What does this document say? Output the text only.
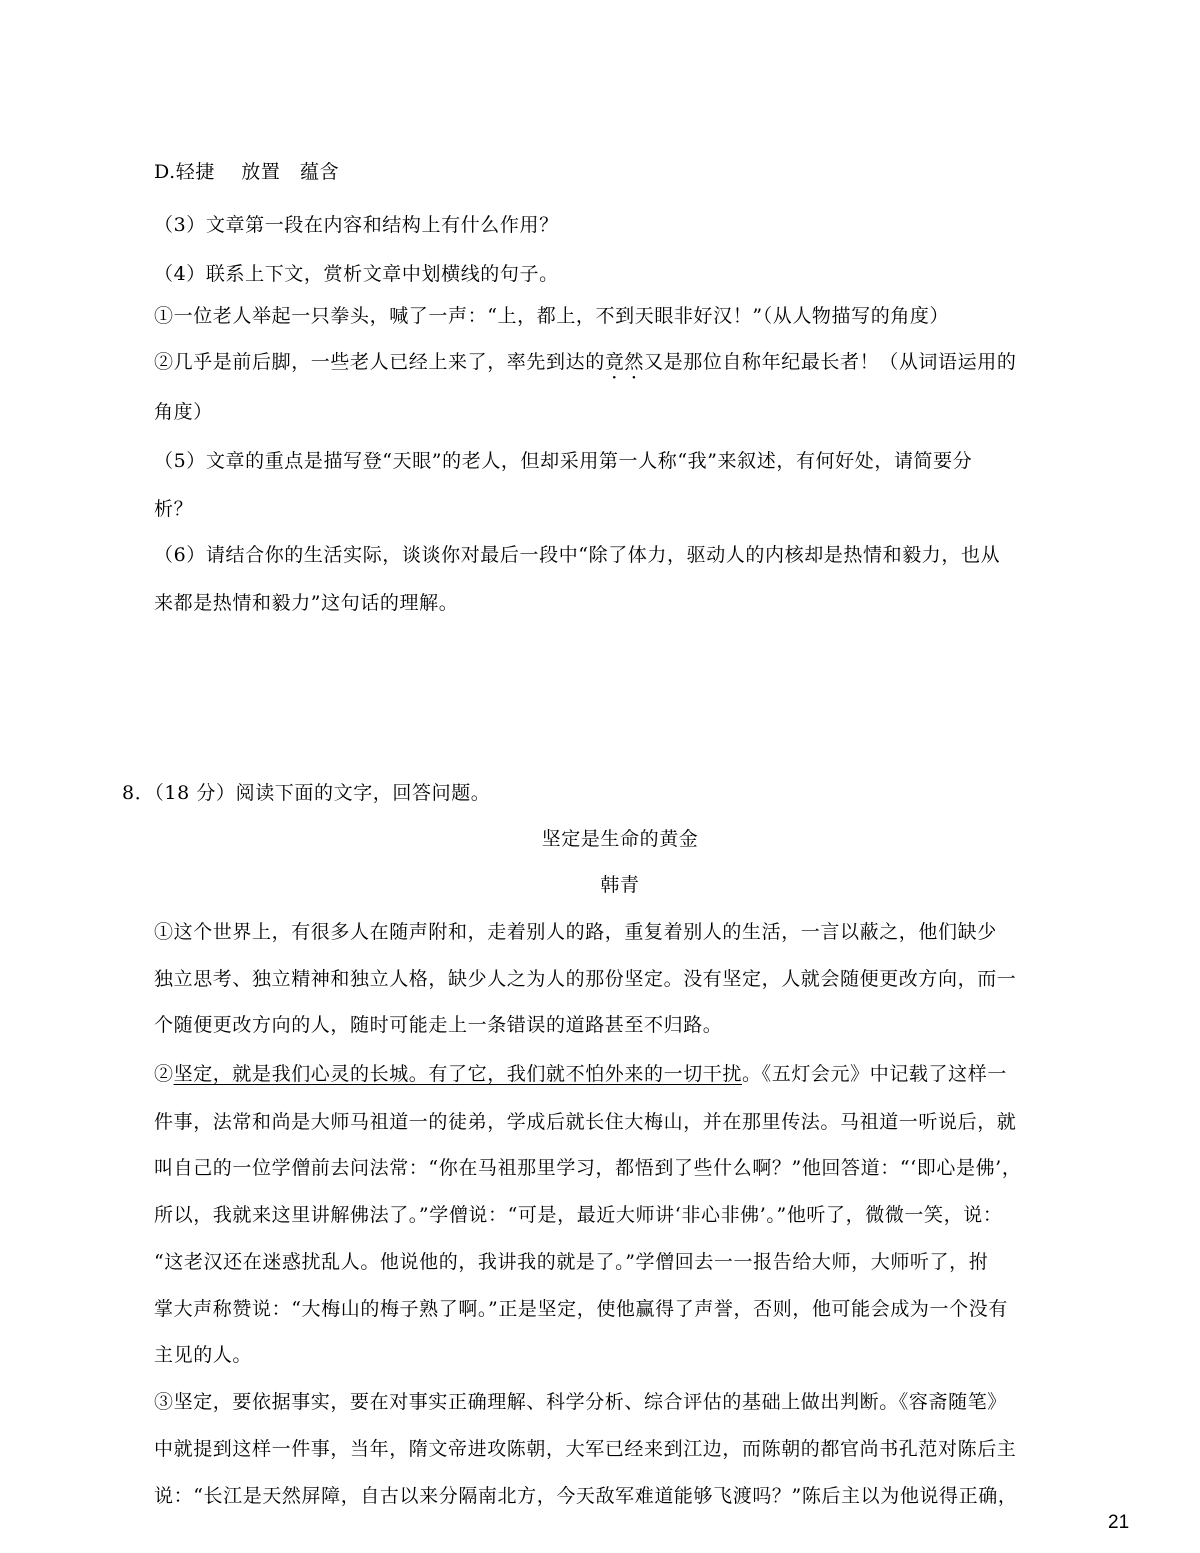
D.轻捷　 放置　蕴含
（3）文章第一段在内容和结构上有什么作用？
（4）联系上下文，赏析文章中划横线的句子。
①一位老人举起一只拳头，喊了一声：“上，都上，不到天眼非好汉！”（从人物描写的角度）
②几乎是前后脚，一些老人已经上来了，率先到达的竟然又是那位自称年纪最长者！（从词语运用的
角度）
（5）文章的重点是描写登“天眼”的老人，但却采用第一人称“我”来叙述，有何好处，请简要分
析？
（6）请结合你的生活实际，谈谈你对最后一段中“除了体力，驱动人的内核却是热情和毅力，也从
来都是热情和毅力”这句话的理解。
8．（18 分）阅读下面的文字，回答问题。
坚定是生命的黄金
韩青
①这个世界上，有很多人在随声附和，走着别人的路，重复着别人的生活，一言以蔽之，他们缺少
独立思考、独立精神和独立人格，缺少人之为人的那份坚定。没有坚定，人就会随便更改方向，而一
个随便更改方向的人，随时可能走上一条错误的道路甚至不归路。
②坚定，就是我们心灵的长城。有了它，我们就不怕外来的一切干扰。《五灯会元》中记载了这样一
件事，法常和尚是大师马祖道一的徒弟，学成后就长住大梅山，并在那里传法。马祖道一听说后，就
叫自己的一位学僧前去问法常：“你在马祖那里学习，都悟到了些什么啊？”他回答道：“‘即心是佛’，
所以，我就来这里讲解佛法了。”学僧说：“可是，最近大师讲‘非心非佛’。”他听了，微微一笑，说：
“这老汉还在迷惑扰乱人。他说他的，我讲我的就是了。”学僧回去一一报告给大师，大师听了，拊
掌大声称赞说：“大梅山的梅子熟了啊。”正是坚定，使他赢得了声誉，否则，他可能会成为一个没有
主见的人。
③坚定，要依据事实，要在对事实正确理解、科学分析、综合评估的基础上做出判断。《容斋随笔》
中就提到这样一件事，当年，隋文帝进攻陈朝，大军已经来到江边，而陈朝的都官尚书孔范对陈后主
说：“长江是天然屏障，自古以来分隔南北方，今天敌军难道能够飞渡吗？”陈后主以为他说得正确，
21
